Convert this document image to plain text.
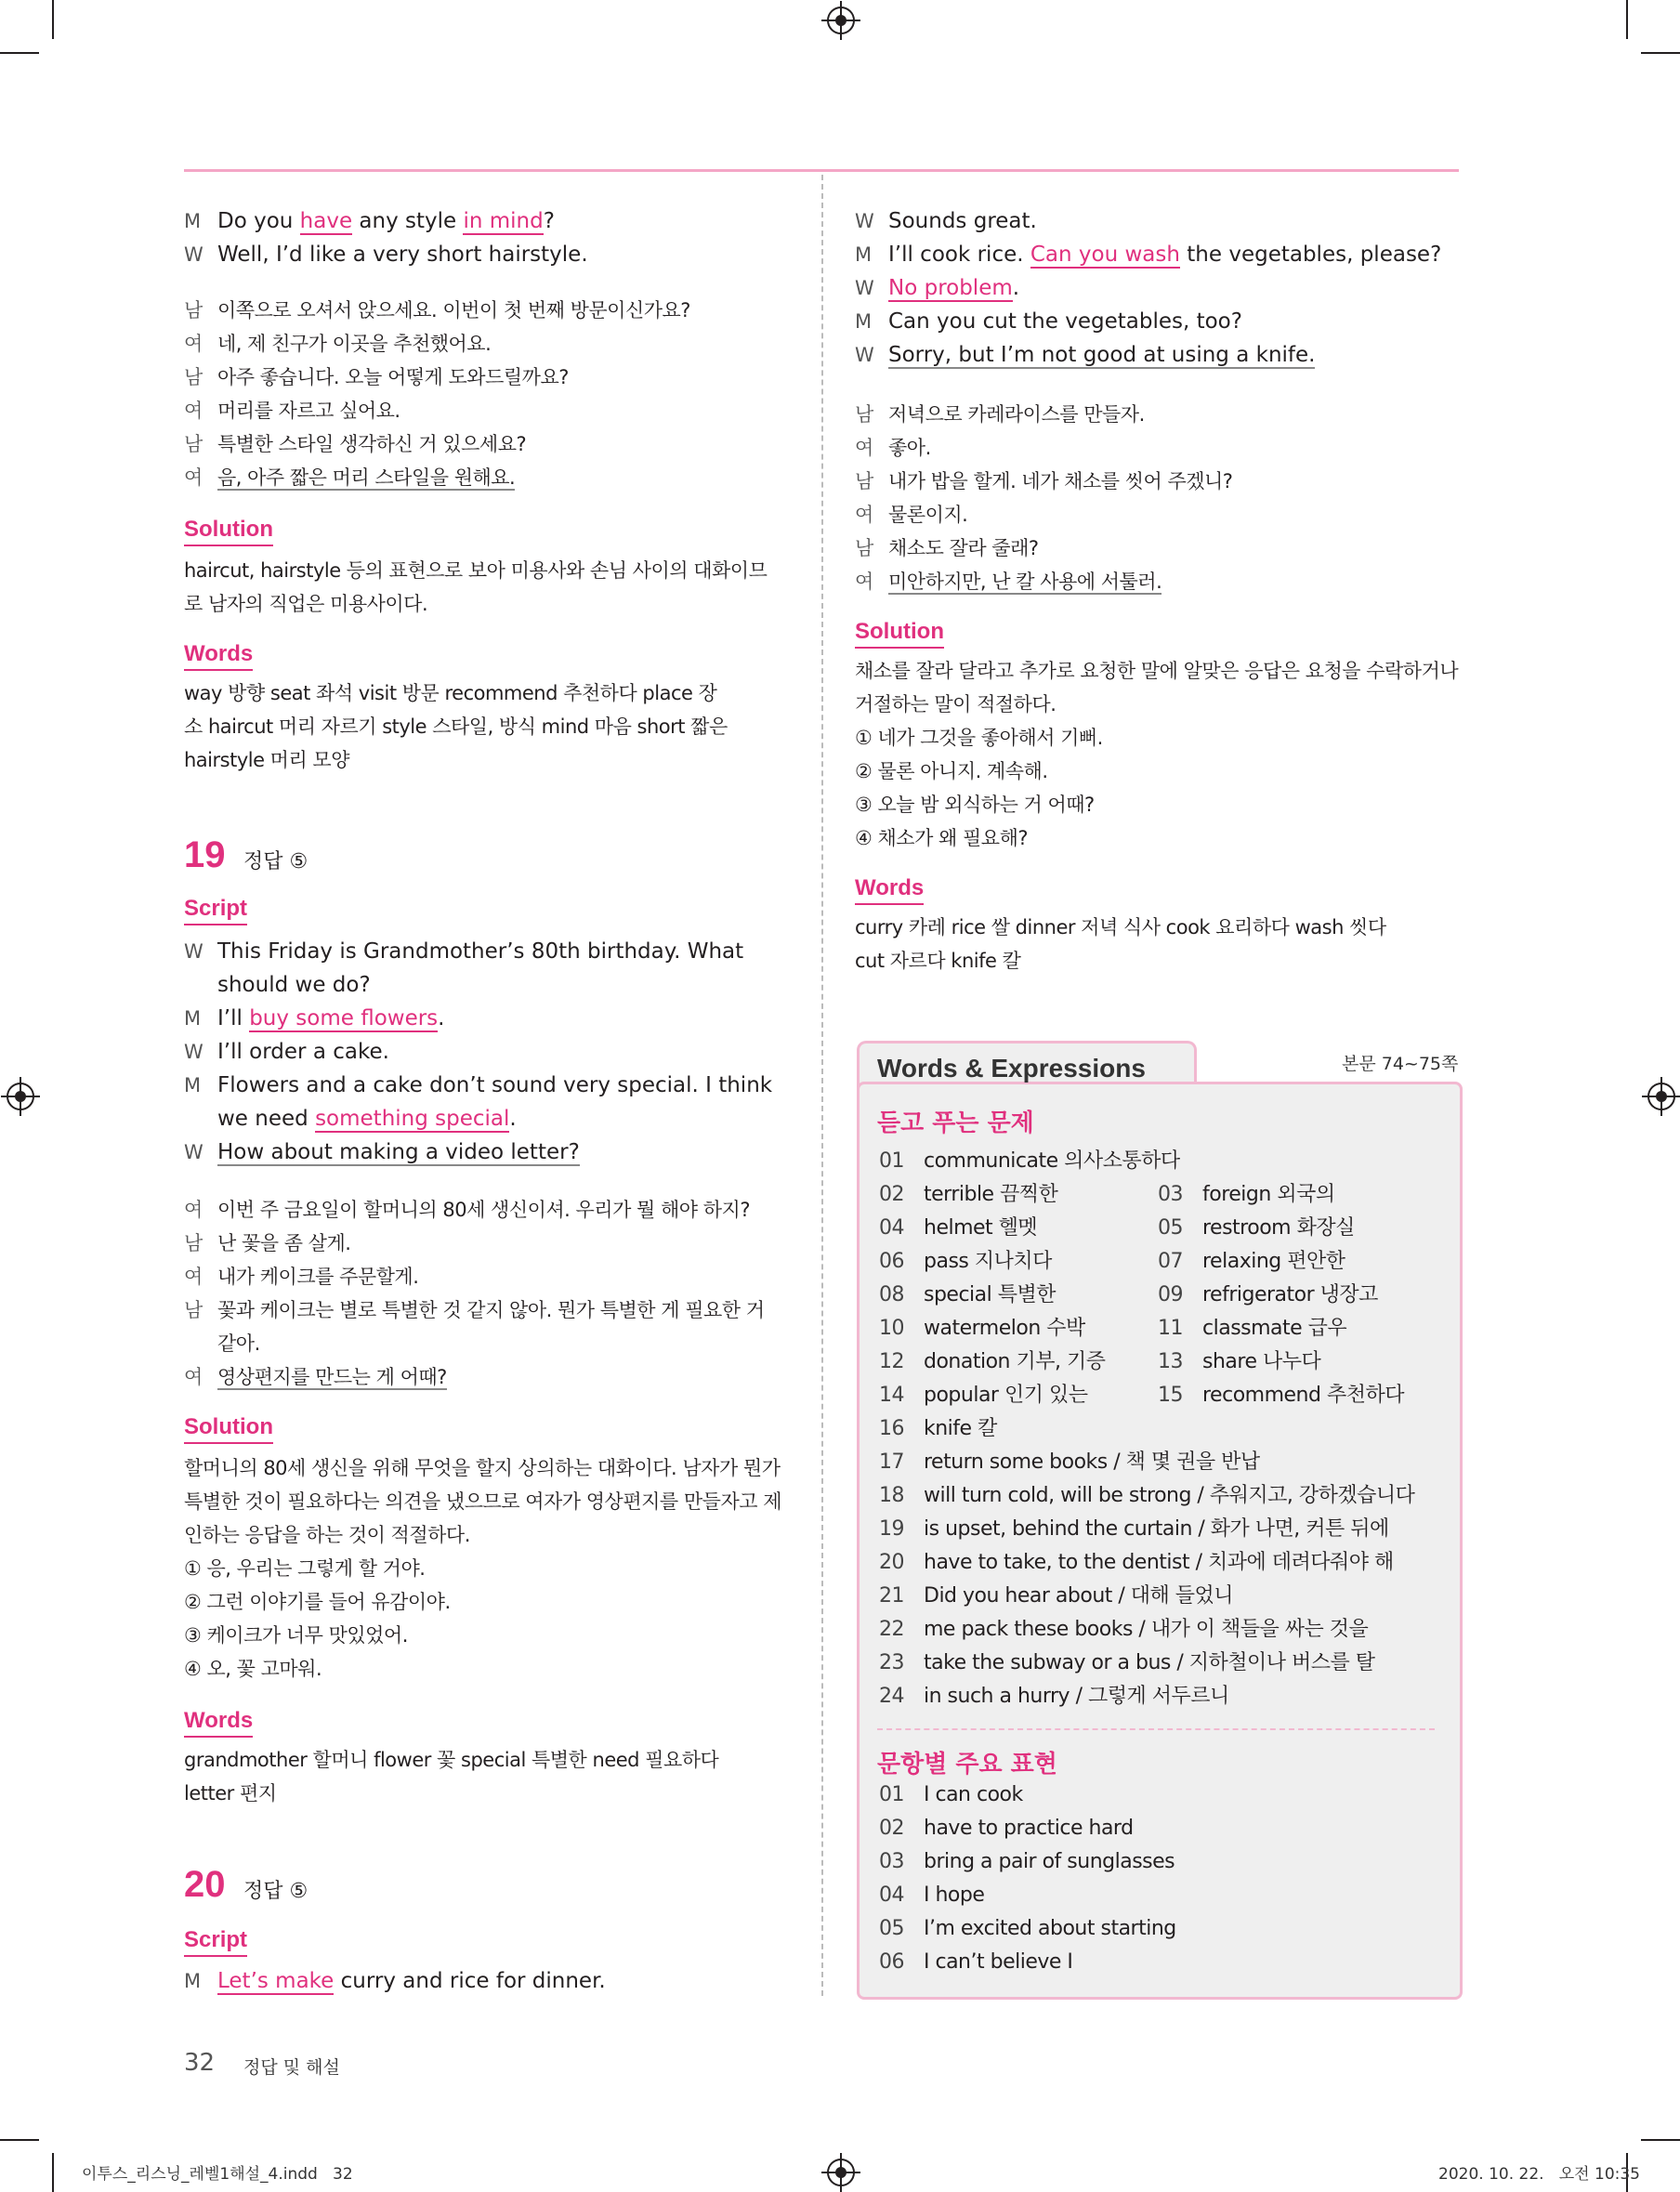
M Do you have any style in mind?
W Well, I’d like a very short hairstyle.
남 이쪽으로 오셔서 앉으세요. 이번이 첫 번째 방문이신가요?
여 네, 제 친구가 이곳을 추천했어요.
남 아주 좋습니다. 오늘 어떻게 도와드릴까요?
여 머리를 자르고 싶어요.
남 특별한 스타일 생각하신 거 있으세요?
여 음, 아주 짧은 머리 스타일을 원해요.
Solution
haircut, hairstyle 등의 표현으로 보아 미용사와 손님 사이의 대화이므
로 남자의 직업은 미용사이다.
Words
way 방향 seat 좌석 visit 방문 recommend 추천하다 place 장
소 haircut 머리 자르기 style 스타일, 방식 mind 마음 short 짧은
hairstyle 머리 모양
19 정답 ⑤
Script
W This Friday is Grandmother’s 80th birthday. What
should we do?
M I’ll buy some flowers.
W I’ll order a cake.
M Flowers and a cake don’t sound very special. I think
we need something special.
W How about making a video letter?
여 이번 주 금요일이 할머니의 80세 생신이셔. 우리가 뭘 해야 하지?
남 난 꽃을 좀 살게.
여 내가 케이크를 주문할게.
남 꽃과 케이크는 별로 특별한 것 같지 않아. 뭔가 특별한 게 필요한 거
같아.
여 영상편지를 만드는 게 어때?
Solution
할머니의 80세 생신을 위해 무엇을 할지 상의하는 대화이다. 남자가 뭔가
특별한 것이 필요하다는 의견을 냈으므로 여자가 영상편지를 만들자고 제
인하는 응답을 하는 것이 적절하다.
① 응, 우리는 그렇게 할 거야.
② 그런 이야기를 들어 유감이야.
③ 케이크가 너무 맛있었어.
④ 오, 꽃 고마워.
Words
grandmother 할머니 flower 꽃 special 특별한 need 필요하다
letter 편지
20 정답 ⑤
Script
M Let’s make curry and rice for dinner.
W Sounds great.
M I’ll cook rice. Can you wash the vegetables, please?
W No problem.
M Can you cut the vegetables, too?
W Sorry, but I’m not good at using a knife.
남 저녁으로 카레라이스를 만들자.
여 좋아.
남 내가 밥을 할게. 네가 채소를 씻어 주겠니?
여 물론이지.
남 채소도 잘라 줄래?
여 미안하지만, 난 칼 사용에 서툴러.
Solution
채소를 잘라 달라고 추가로 요청한 말에 알맞은 응답은 요청을 수락하거나
거절하는 말이 적절하다.
① 네가 그것을 좋아해서 기뻐.
② 물론 아니지. 계속해.
③ 오늘 밤 외식하는 거 어때?
④ 채소가 왜 필요해?
Words
curry 카레 rice 쌀 dinner 저녁 식사 cook 요리하다 wash 씻다
cut 자르다 knife 칼
Words & Expressions	본문 74~75쪽
듣고 푸는 문제
01 communicate 의사소통하다
02 terrible 끔찍한	03 foreign 외국의
04 helmet 헬멧	05 restroom 화장실
06 pass 지나치다	07 relaxing 편안한
08 special 특별한	09 refrigerator 냉장고
10 watermelon 수박	11 classmate 급우
12 donation 기부, 기증	13 share 나누다
14 popular 인기 있는	15 recommend 추천하다
16 knife 칼
17 return some books / 책 몇 권을 반납
18 will turn cold, will be strong / 추워지고, 강하겠습니다
19 is upset, behind the curtain / 화가 나면, 커튼 뒤에
20 have to take, to the dentist / 치과에 데려다줘야 해
21 Did you hear about / 대해 들었니
22 me pack these books / 내가 이 책들을 싸는 것을
23 take the subway or a bus / 지하철이나 버스를 탈
24 in such a hurry / 그렇게 서두르니
문항별 주요 표현
01 I can cook
02 have to practice hard
03 bring a pair of sunglasses
04 I hope
05 I’m excited about starting
06 I can’t believe I
32 정답 및 해설
이투스_리스닝_레벨1해설_4.indd   32	2020. 10. 22.   오전 10:35
